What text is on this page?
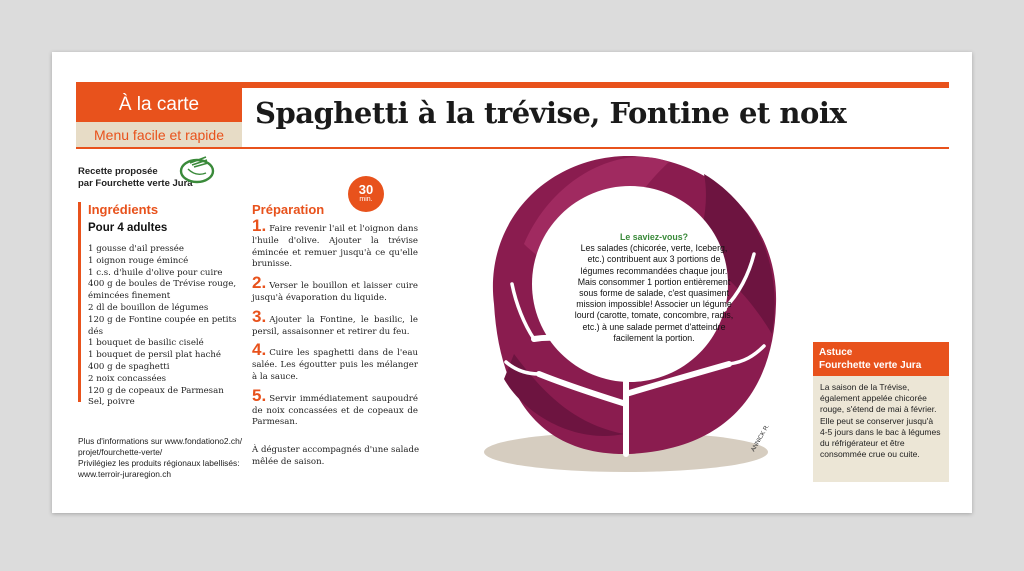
À la carte
Menu facile et rapide
Spaghetti à la trévise, Fontine et noix
Recette proposée
par Fourchette verte Jura	30
min.
Ingrédients
Pour 4 adultes
1 gousse d'ail pressée
1 oignon rouge émincé
1 c.s. d'huile d'olive pour cuire
400 g de boules de Trévise rouge, émincées finement
2 dl de bouillon de légumes
120 g de Fontine coupée en petits dés
1 bouquet de basilic ciselé
1 bouquet de persil plat haché
400 g de spaghetti
2 noix concassées
120 g de copeaux de Parmesan
Sel, poivre
Préparation
1. Faire revenir l'ail et l'oignon dans l'huile d'olive. Ajouter la trévise émincée et remuer jusqu'à ce qu'elle brunisse.
2. Verser le bouillon et laisser cuire jusqu'à évaporation du liquide.
3. Ajouter la Fontine, le basilic, le persil, assaisonner et retirer du feu.
4. Cuire les spaghetti dans de l'eau salée. Les égoutter puis les mélanger à la sauce.
5. Servir immédiatement saupoudré de noix concassées et de copeaux de Parmesan.
À déguster accompagnés d'une salade mêlée de saison.
Plus d'informations sur www.fondationo2.ch/
projet/fourchette-verte/
Privilégiez les produits régionaux labellisés:
www.terroir-juraregion.ch
ANNICK R.
Le saviez-vous?
Les salades (chicorée, verte, Iceberg, etc.) contribuent aux 3 portions de légumes recommandées chaque jour. Mais consommer 1 portion entièrement sous forme de salade, c'est quasiment mission impossible! Associer un légume lourd (carotte, tomate, concombre, radis, etc.) à une salade permet d'atteindre facilement la portion.
Astuce
Fourchette verte Jura
La saison de la Trévise, également appelée chicorée rouge, s'étend de mai à février. Elle peut se conserver jusqu'à 4-5 jours dans le bac à légumes du réfrigérateur et être consommée crue ou cuite.
